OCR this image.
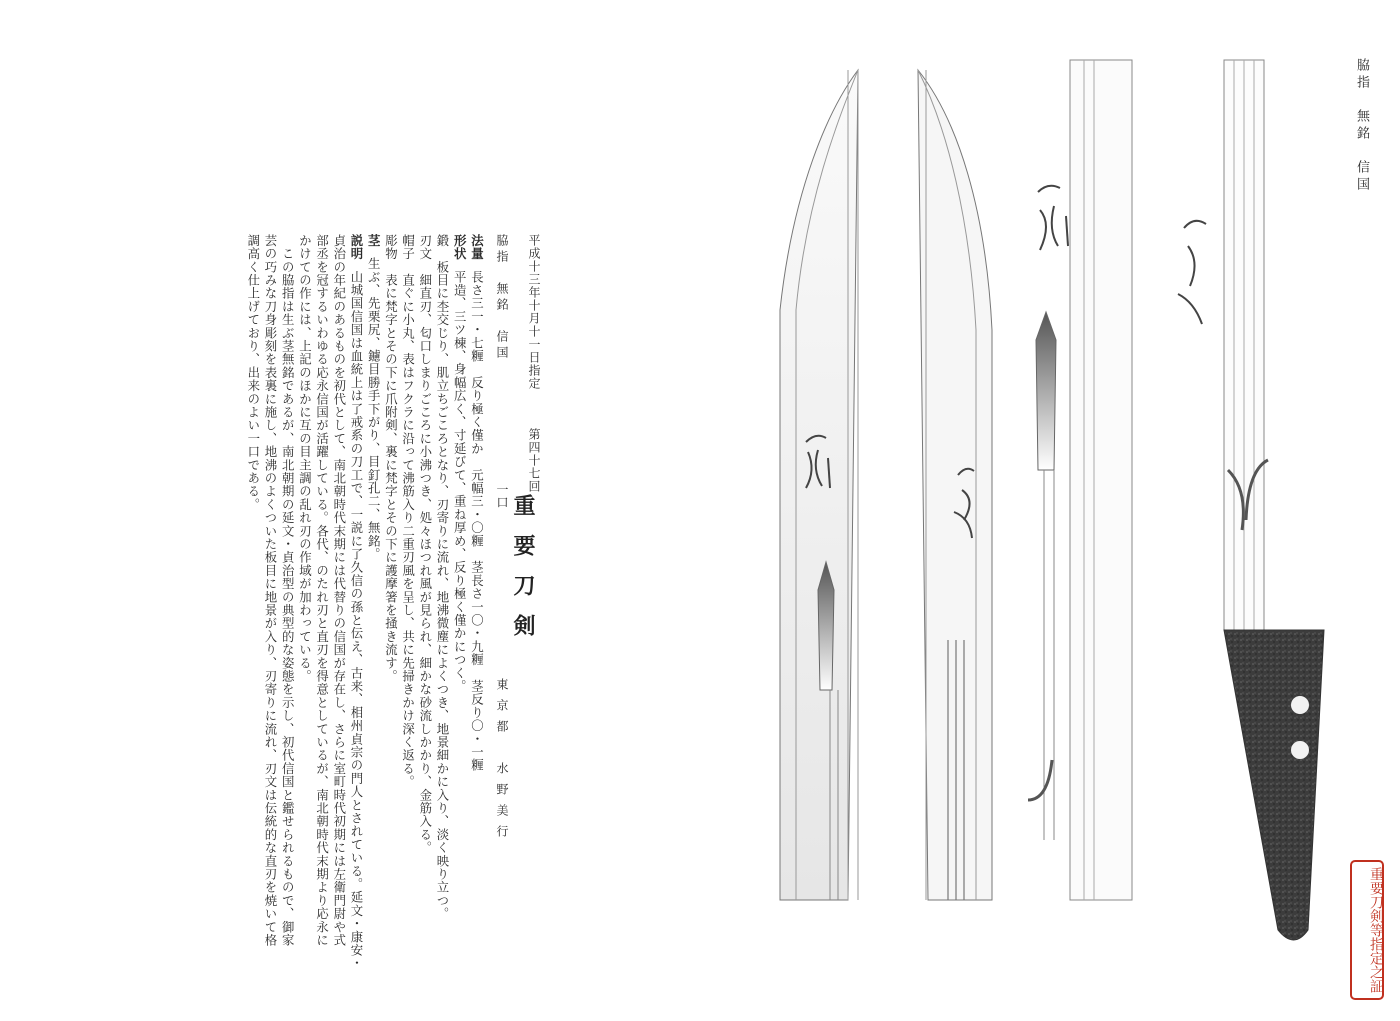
脇指　無銘　信国
平成十三年十月十一日指定
第四十七回
重要刀剣
脇指　無銘　信国
一口
東京都　水野美行
法量長さ三一・七糎　反り極く僅か　元幅三・〇糎　茎長さ一〇・九糎　茎反り〇・一糎
形状平造、三ツ棟、身幅広く、寸延びて、重ね厚め、反り極く僅かにつく。
鍛　板目に杢交じり、肌立ちごころとなり、刃寄りに流れ、地沸微塵によくつき、地景細かに入り、淡く映り立つ。
刃文　細直刃、匂口しまりごころに小沸つき、処々ほつれ風が見られ、細かな砂流しかかり、金筋入る。
帽子　直ぐに小丸、表はフクラに沿って沸筋入り二重刃風を呈し、共に先掃きかけ深く返る。
彫物　表に梵字とその下に爪附剣、裏に梵字とその下に護摩箸を掻き流す。
茎生ぶ、先栗尻、鑢目勝手下がり、目釘孔二、無銘。
説明山城国信国は血統上は了戒系の刀工で、一説に了久信の孫と伝え、古来、相州貞宗の門人とされている。延文・康安・
貞治の年紀のあるものを初代として、南北朝時代末期には代替りの信国が存在し、さらに室町時代初期には左衛門尉や式
部丞を冠するいわゆる応永信国が活躍している。各代、のたれ刃と直刃を得意としているが、南北朝時代末期より応永に
かけての作には、上記のほかに互の目主調の乱れ刃の作域が加わっている。
　この脇指は生ぶ茎無銘であるが、南北朝期の延文・貞治型の典型的な姿態を示し、初代信国と鑑せられるもので、御家
芸の巧みな刀身彫刻を表裏に施し、地沸のよくついた板目に地景が入り、刃寄りに流れ、刃文は伝統的な直刃を焼いて格
調高く仕上げており、出来のよい一口である。
重要刀剣等指定之証
